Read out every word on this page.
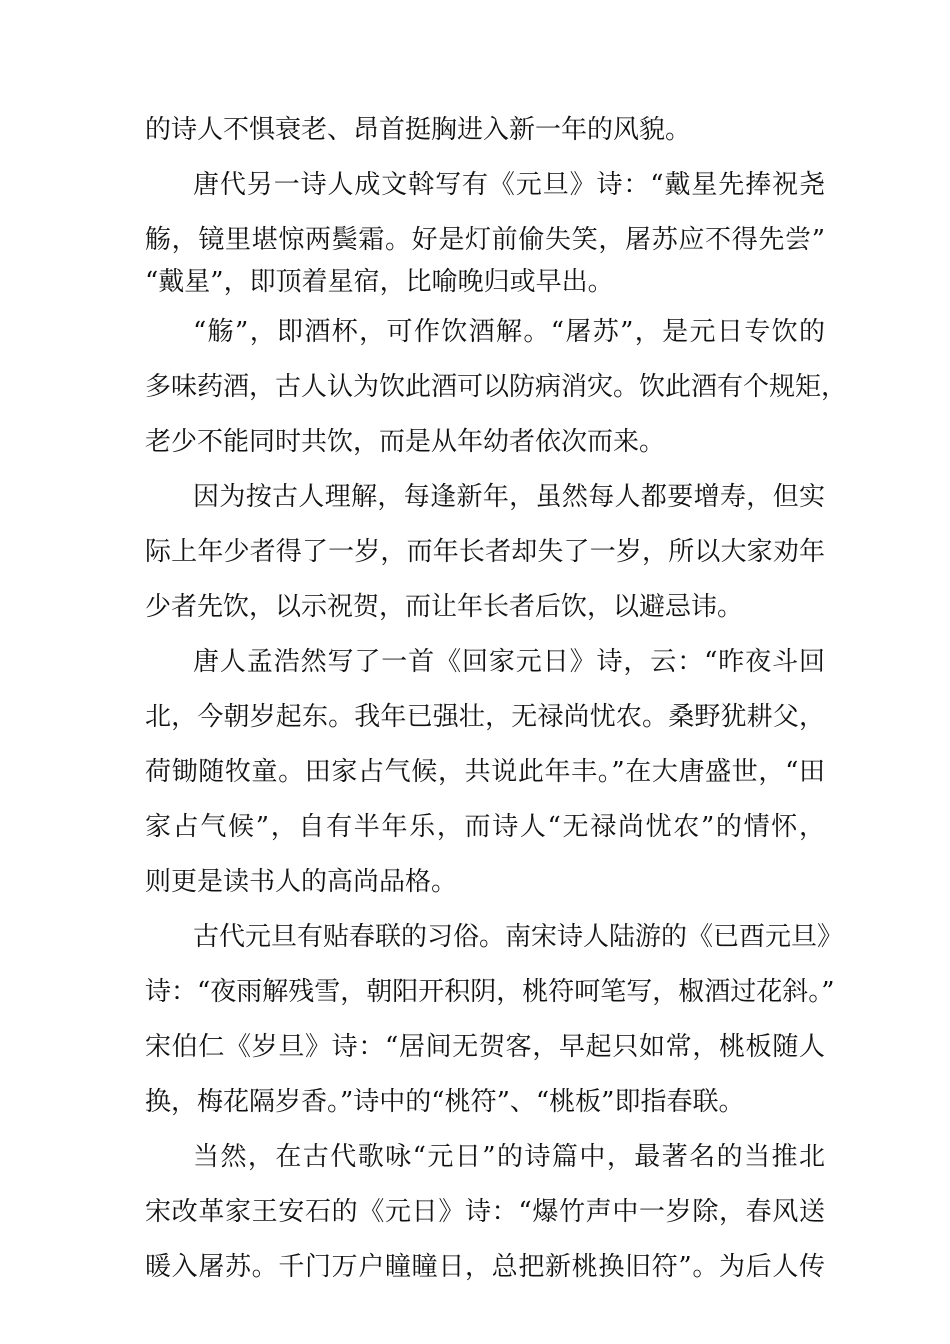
的诗人不惧衰老、昂首挺胸进入新一年的风貌。
唐代另一诗人成文斡写有《元旦》诗：“戴星先捧祝尧
觞，镜里堪惊两鬓霜。好是灯前偷失笑，屠苏应不得先尝”
“戴星”，即顶着星宿，比喻晚归或早出。
“觞”，即酒杯，可作饮酒解。“屠苏”，是元日专饮的
多味药酒，古人认为饮此酒可以防病消灾。饮此酒有个规矩，
老少不能同时共饮，而是从年幼者依次而来。
因为按古人理解，每逢新年，虽然每人都要增寿，但实
际上年少者得了一岁，而年长者却失了一岁，所以大家劝年
少者先饮，以示祝贺，而让年长者后饮，以避忌讳。
唐人孟浩然写了一首《回家元日》诗，云：“昨夜斗回
北，今朝岁起东。我年已强壮，无禄尚忧农。桑野犹耕父，
荷锄随牧童。田家占气候，共说此年丰。”在大唐盛世，“田
家占气候”，自有半年乐，而诗人“无禄尚忧农”的情怀，
则更是读书人的高尚品格。
古代元旦有贴春联的习俗。南宋诗人陆游的《已酉元旦》
诗：“夜雨解残雪，朝阳开积阴，桃符呵笔写，椒酒过花斜。”
宋伯仁《岁旦》诗：“居间无贺客，早起只如常，桃板随人
换，梅花隔岁香。”诗中的“桃符”、“桃板”即指春联。
当然，在古代歌咏“元日”的诗篇中，最著名的当推北
宋改革家王安石的《元日》诗：“爆竹声中一岁除，春风送
暖入屠苏。千门万户瞳瞳日，总把新桃换旧符”。为后人传
